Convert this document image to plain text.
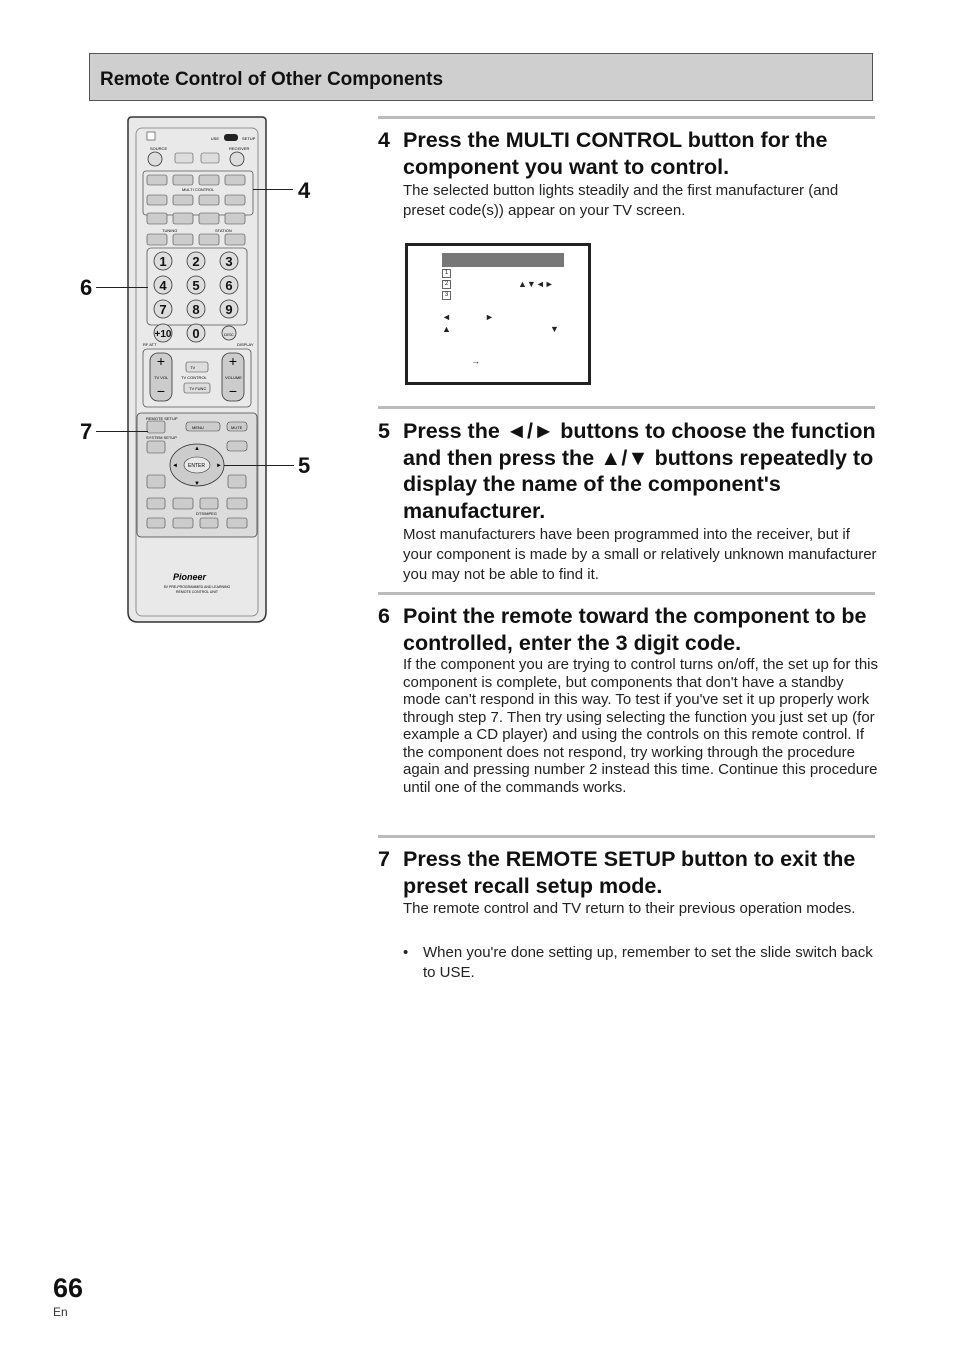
Remote Control of Other Components
USE	SETUP
SOURCE	RECEIVER
MULTI CONTROL
TUNING	STATION
1 2 3
4 5 6
7 8 9
+10 0	DISC
RF ATT	DISPLAY
+
−
+
−
TV VOL	VOLUME
TV
TV CONTROL
TV FUNC
REMOTE SETUP
SYSTEM SETUP
MENU	MUTE
ENTER
▲
▼
◄	►
DTS/MPEG
Pioneer
5V PRE-PROGRAMMED AND LEARNING
REMOTE CONTROL UNIT
4
6
7
5
4 Press the MULTI CONTROL button for the component you want to control.
The selected button lights steadily and the first manufacturer (and preset code(s)) appear on your TV screen.
1
2
3
▲▼◄►
◄	►
▲	▼
→
5 Press the ◄/► buttons to choose the function and then press the ▲/▼ buttons repeatedly to display the name of the component's manufacturer.
Most manufacturers have been programmed into the receiver, but if your component is made by a small or relatively unknown manufacturer you may not be able to find it.
6 Point the remote toward the component to be controlled, enter the 3 digit code.
If the component you are trying to control turns on/off, the set up for this component is complete, but components that don't have a standby mode can't respond in this way. To test if you've set it up properly work through step 7. Then try using selecting the function you just set up (for example a CD player) and using the controls on this remote control. If the component does not respond, try working through the procedure again and pressing number 2 instead this time. Continue this procedure until one of the commands works.
7 Press the REMOTE SETUP button to exit the preset recall setup mode.
The remote control and TV return to their previous operation modes.
• When you're done setting up, remember to set the slide switch back to USE.
66
En
